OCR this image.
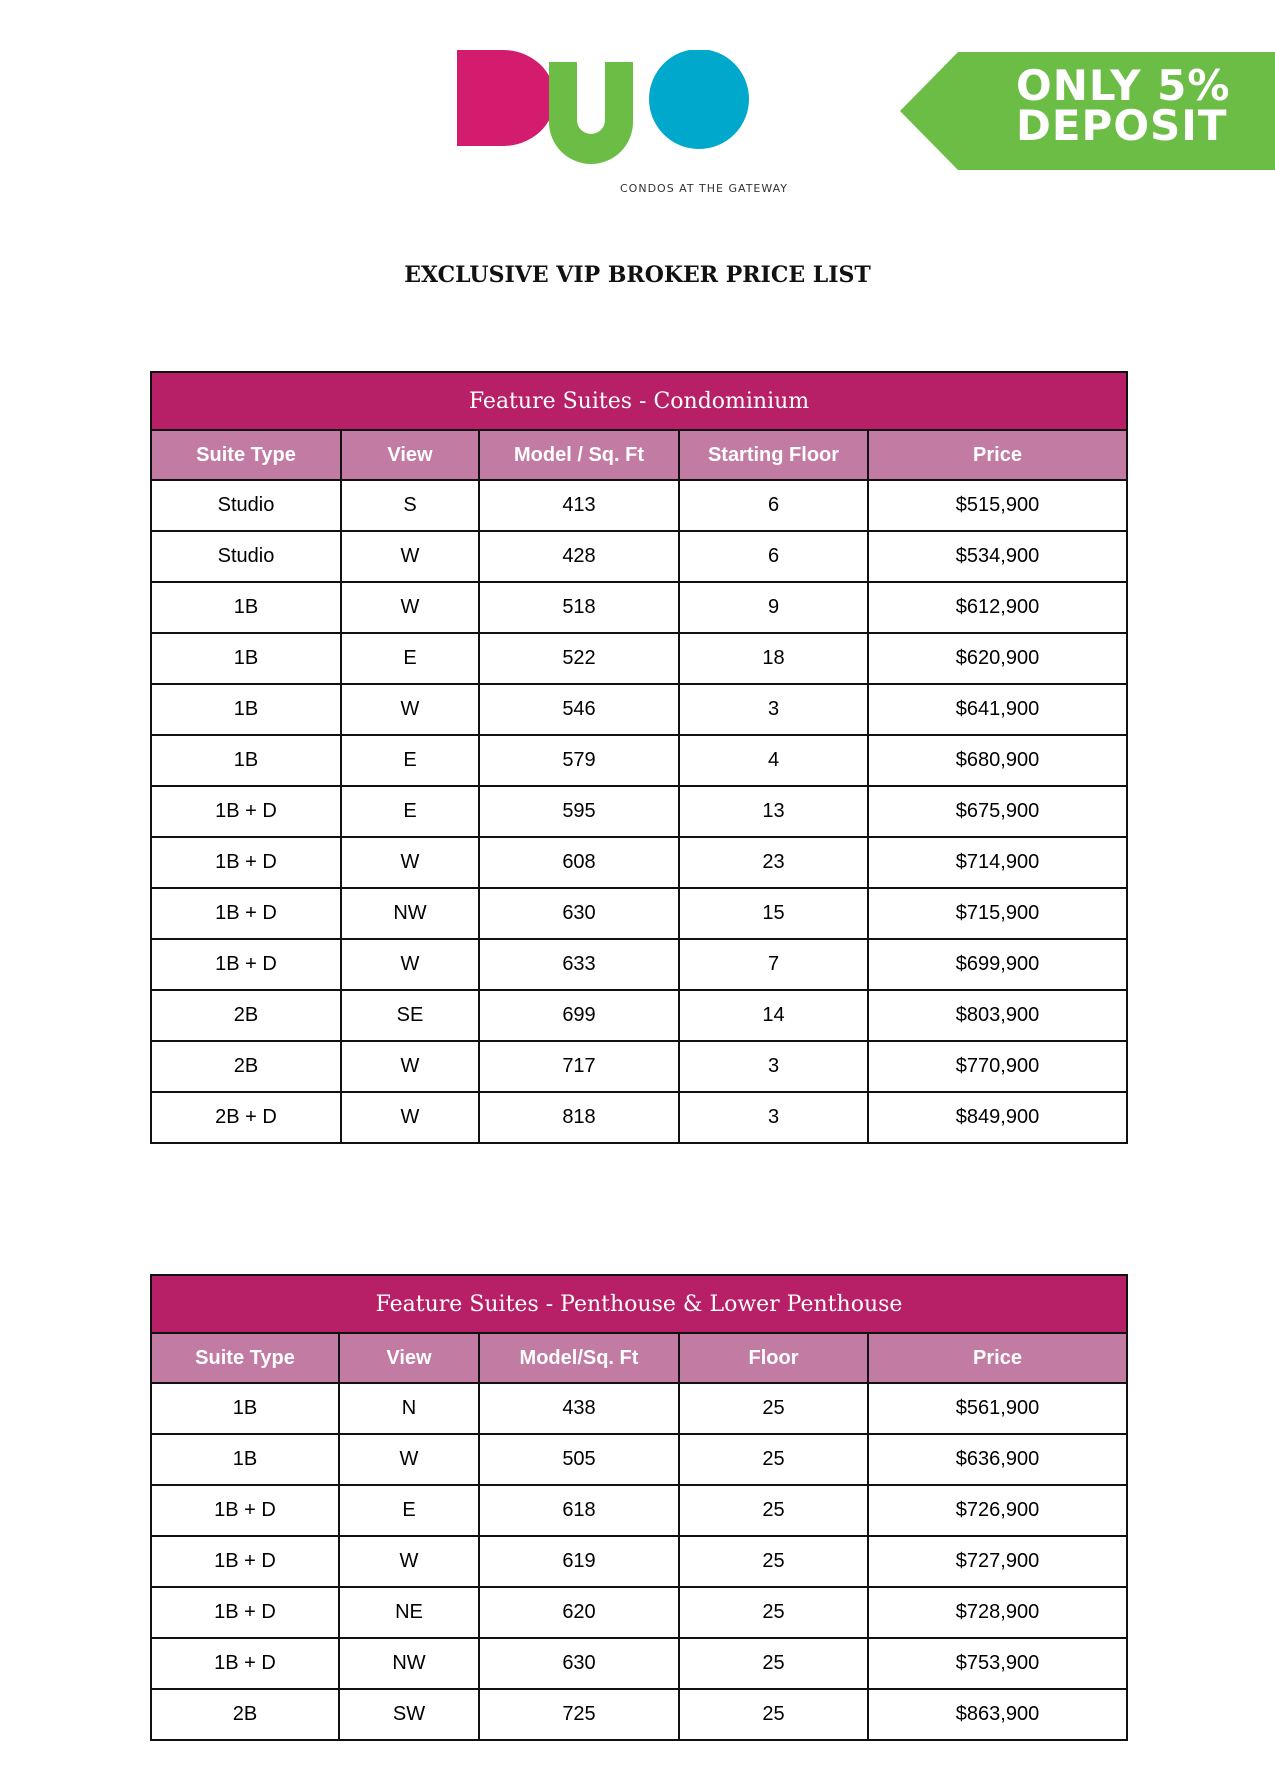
CONDOS AT THE GATEWAY
ONLY 5%
DEPOSIT
EXCLUSIVE VIP BROKER PRICE LIST
Feature Suites - Condominium				
Suite Type	View	Model / Sq. Ft	Starting Floor	Price
Studio	S	413	6	$515,900
Studio	W	428	6	$534,900
1B	W	518	9	$612,900
1B	E	522	18	$620,900
1B	W	546	3	$641,900
1B	E	579	4	$680,900
1B + D	E	595	13	$675,900
1B + D	W	608	23	$714,900
1B + D	NW	630	15	$715,900
1B + D	W	633	7	$699,900
2B	SE	699	14	$803,900
2B	W	717	3	$770,900
2B + D	W	818	3	$849,900
Feature Suites - Penthouse & Lower Penthouse				
Suite Type	View	Model/Sq. Ft	Floor	Price
1B	N	438	25	$561,900
1B	W	505	25	$636,900
1B + D	E	618	25	$726,900
1B + D	W	619	25	$727,900
1B + D	NE	620	25	$728,900
1B + D	NW	630	25	$753,900
2B	SW	725	25	$863,900
